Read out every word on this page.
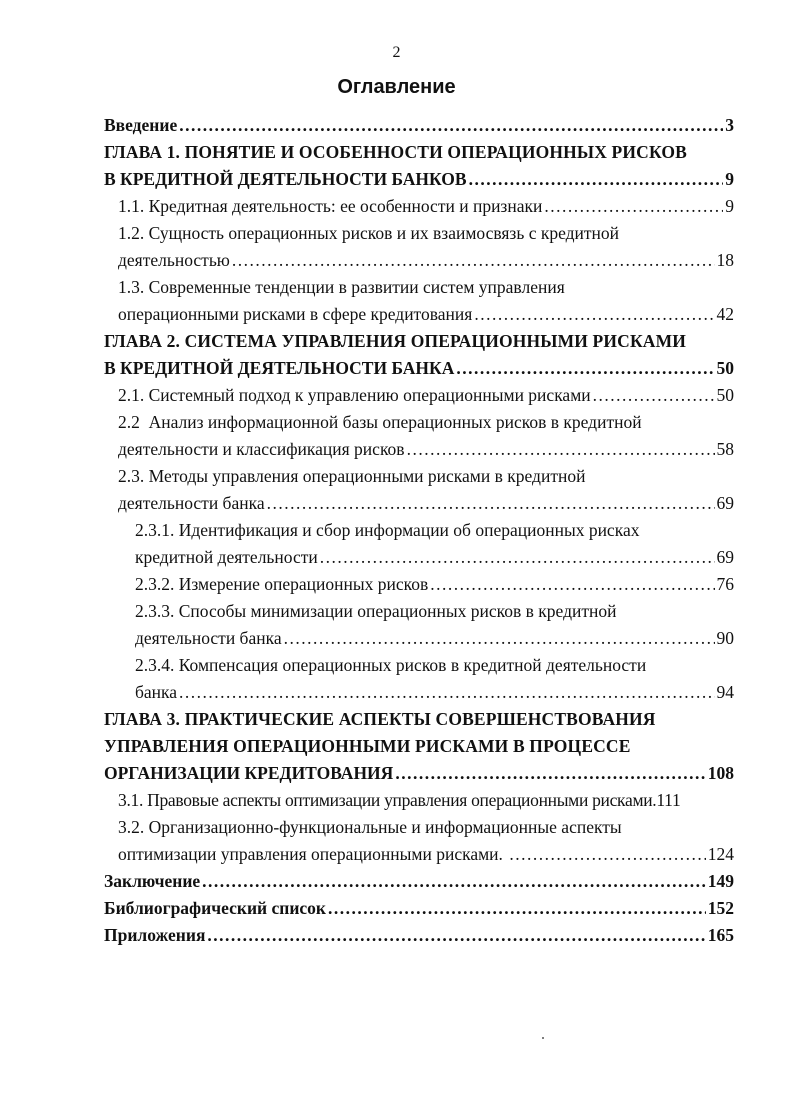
2
Оглавление
Введение .....	3
ГЛАВА 1. ПОНЯТИЕ И ОСОБЕННОСТИ ОПЕРАЦИОННЫХ РИСКОВ
В КРЕДИТНОЙ ДЕЯТЕЛЬНОСТИ БАНКОВ .....	9
1.1. Кредитная деятельность: ее особенности и признаки .....	9
1.2. Сущность операционных рисков и их взаимосвязь с кредитной
деятельностью .....	18
1.3. Современные тенденции в развитии систем управления
операционными рисками в сфере кредитования .....	42
ГЛАВА 2. СИСТЕМА УПРАВЛЕНИЯ ОПЕРАЦИОННЫМИ РИСКАМИ
В КРЕДИТНОЙ ДЕЯТЕЛЬНОСТИ БАНКА .....	50
2.1. Системный подход к управлению операционными рисками .....	50
2.2  Анализ информационной базы операционных рисков в кредитной
деятельности и классификация рисков .....	58
2.3. Методы управления операционными рисками в кредитной
деятельности банка .....	69
2.3.1. Идентификация и сбор информации об операционных рисках
кредитной деятельности .....	69
2.3.2. Измерение операционных рисков .....	76
2.3.3. Способы минимизации операционных рисков в кредитной
деятельности банка .....	90
2.3.4. Компенсация операционных рисков в кредитной деятельности
банка .....	94
ГЛАВА 3. ПРАКТИЧЕСКИЕ АСПЕКТЫ СОВЕРШЕНСТВОВАНИЯ
УПРАВЛЕНИЯ ОПЕРАЦИОННЫМИ РИСКАМИ В ПРОЦЕССЕ
ОРГАНИЗАЦИИ КРЕДИТОВАНИЯ .....	108
3.1. Правовые аспекты оптимизации управления операционными рисками.111
3.2. Организационно-функциональные и информационные аспекты
оптимизации управления операционными рисками. .....	124
Заключение .....	149
Библиографический список .....	152
Приложения .....	165
